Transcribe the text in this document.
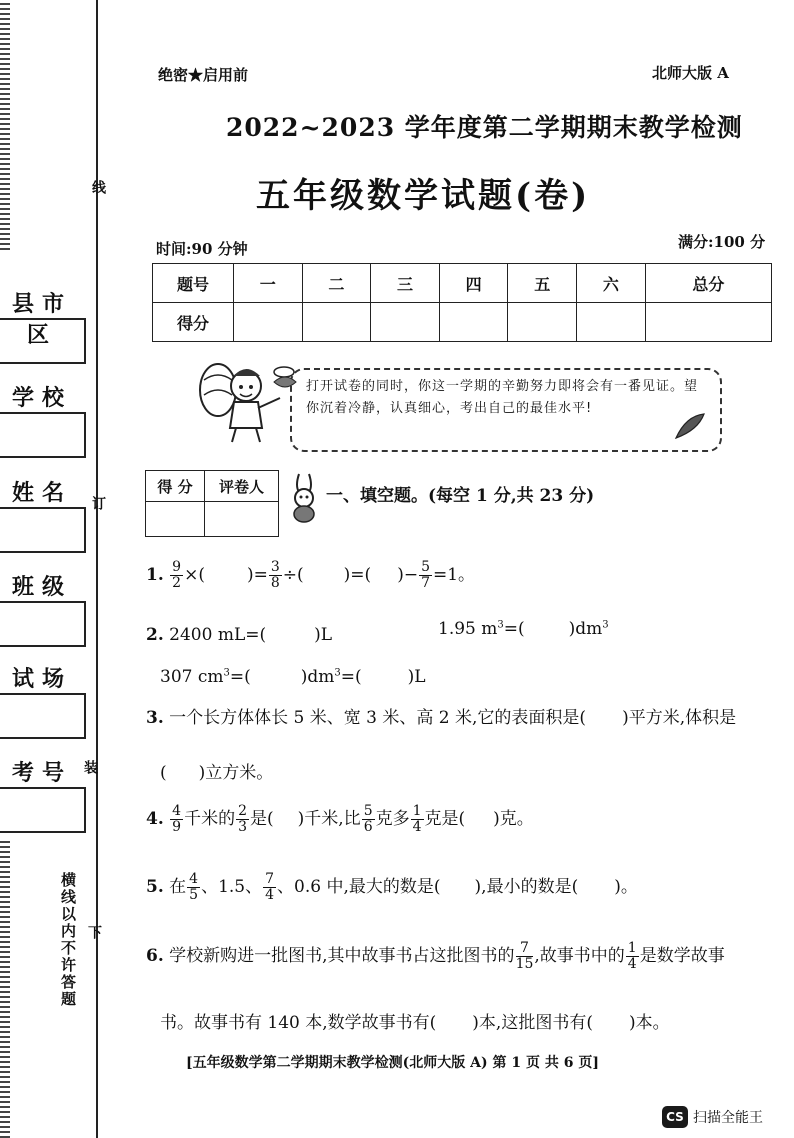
县市区
学校
姓名
班级
试场
考号
线
订
装
横线以内不许答题 下
绝密★启用前	北师大版 A
2022~2023 学年度第二学期期末教学检测
五年级数学试题(卷)
时间:90 分钟	满分:100 分
题号	一	二	三	四	五	六	总分
得分							
打开试卷的同时，你这一学期的辛勤努力即将会有一番见证。望你沉着冷静，认真细心，考出自己的最佳水平!
得 分	评卷人
		一、填空题。(每空 1 分,共 23 分)
1. $\frac{9}{2}$ ×( )= $\frac{3}{8}$ ÷( )=( )− $\frac{5}{7} =1$。
2. 2400 mL=(	)L	1.95 $m^3=$(	)$dm^3$
307 $cm^3=$(	)$dm^3=$(	)L
3. 一个长方体体长 5 米、宽 3 米、高 2 米,它的表面积是( )平方米,体积是
( )立方米。
4. $\frac{4}{9}$ 千米的 $\frac{2}{3}$ 是( )千米,比 $\frac{5}{6}$ 克多 $\frac{1}{4}$ 克是( )克。
5. 在 $\frac{4}{5}$ 、1.5、 $\frac{7}{4}$ 、0.6 中,最大的数是( ),最小的数是( )。
6. 学校新购进一批图书,其中故事书占这批图书的 $\frac{7}{15}$ ,故事书中的 $\frac{1}{4}$ 是数学故事
书。故事书有 140 本,数学故事书有( )本,这批图书有( )本。
[五年级数学第二学期期末教学检测(北师大版 A) 第 1 页 共 6 页]
CS 扫描全能王
